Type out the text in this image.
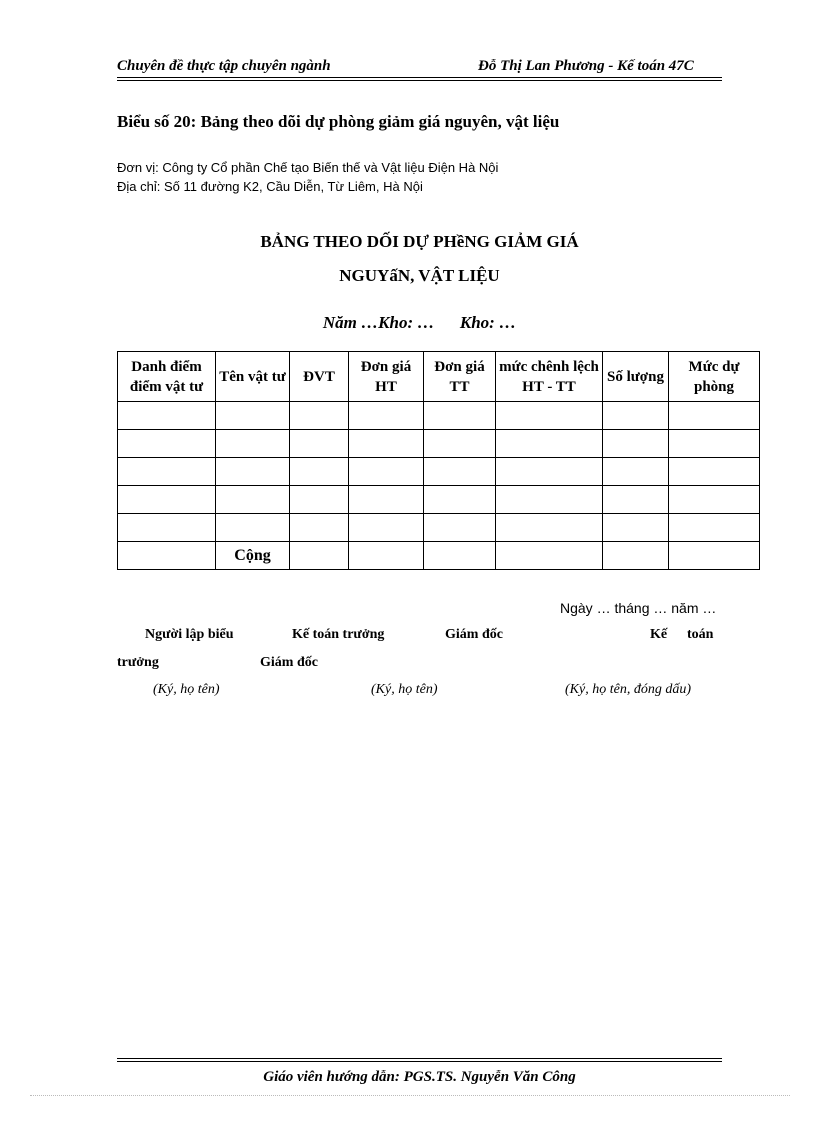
Chuyên đề thực tập chuyên ngành	Đỗ Thị Lan Phương - Kế toán 47C
Biểu số 20: Bảng theo dõi dự phòng giảm giá nguyên, vật liệu
Đơn vị: Công ty Cổ phần Chế tạo Biến thế và Vật liệu Điện Hà Nội
Địa chỉ: Số 11 đường K2, Cầu Diễn, Từ Liêm, Hà Nội
BẢNG THEO DỐI DỰ PHềNG GIẢM GIÁ
NGUYấN, VẬT LIỆU
Năm …Kho: … Kho: …
Danh điểm điểm vật tư	Tên vật tư	ĐVT	Đơn giá HT	Đơn giá TT	mức chênh lệch HT - TT	Số lượng	Mức dự phòng

	Cộng						
Ngày … tháng … năm …
Người lập biểu	Kế toán trưởng	Giám đốc	Kế toán
trưởng	Giám đốc
(Ký, họ tên)	(Ký, họ tên)	(Ký, họ tên, đóng dấu)
Giáo viên hướng dẫn: PGS.TS. Nguyễn Văn Công
